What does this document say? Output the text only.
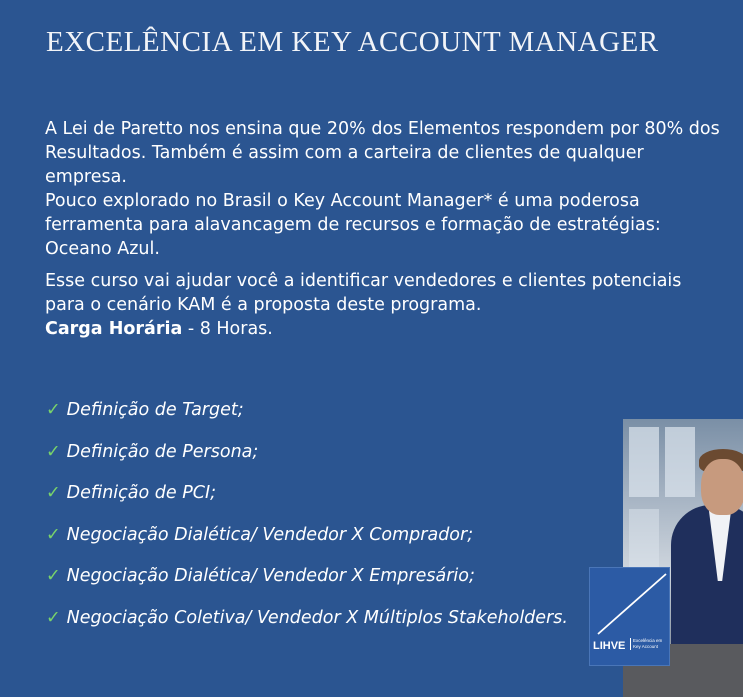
EXCELÊNCIA EM KEY ACCOUNT MANAGER

A Lei de Paretto nos ensina que 20% dos Elementos respondem por 80% dos Resultados. Também é assim com a carteira de clientes de qualquer empresa.

Pouco explorado no Brasil o Key Account Manager* é uma poderosa ferramenta para alavancagem de recursos e formação de estratégias: Oceano Azul.

Esse curso vai ajudar você a identificar vendedores e clientes potenciais para o cenário KAM é a proposta deste programa.

Carga Horária - 8 Horas.

✓ Definição de Target;
✓ Definição de Persona;
✓ Definição de PCI;
✓ Negociação Dialética/ Vendedor X Comprador;
✓ Negociação Dialética/ Vendedor X Empresário;
✓ Negociação Coletiva/ Vendedor X Múltiplos Stakeholders.
LIHVE	Excelência em Key Account
